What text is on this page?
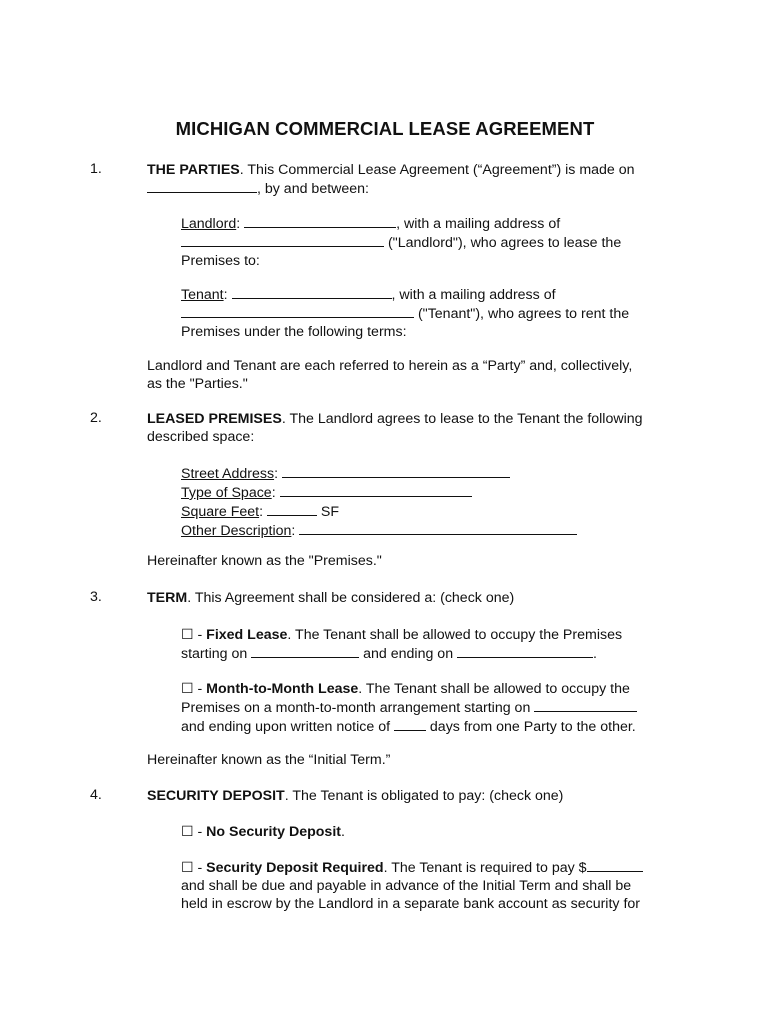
MICHIGAN COMMERCIAL LEASE AGREEMENT
1.	THE PARTIES. This Commercial Lease Agreement (“Agreement”) is made on
, by and between:
Landlord:	, with a mailing address of
("Landlord"), who agrees to lease the
Premises to:
Tenant:	, with a mailing address of
("Tenant"), who agrees to rent the
Premises under the following terms:
Landlord and Tenant are each referred to herein as a “Party” and, collectively,
as the "Parties."
2.	LEASED PREMISES. The Landlord agrees to lease to the Tenant the following
described space:
Street Address:
Type of Space:
Square Feet:	SF
Other Description:
Hereinafter known as the "Premises."
3.	TERM. This Agreement shall be considered a: (check one)
☐ - Fixed Lease. The Tenant shall be allowed to occupy the Premises
starting on	and ending on	.
☐ - Month-to-Month Lease. The Tenant shall be allowed to occupy the
Premises on a month-to-month arrangement starting on
and ending upon written notice of  days from one Party to the other.
Hereinafter known as the “Initial Term.”
4.	SECURITY DEPOSIT. The Tenant is obligated to pay: (check one)
☐ - No Security Deposit.
☐ - Security Deposit Required. The Tenant is required to pay $
and shall be due and payable in advance of the Initial Term and shall be
held in escrow by the Landlord in a separate bank account as security for
